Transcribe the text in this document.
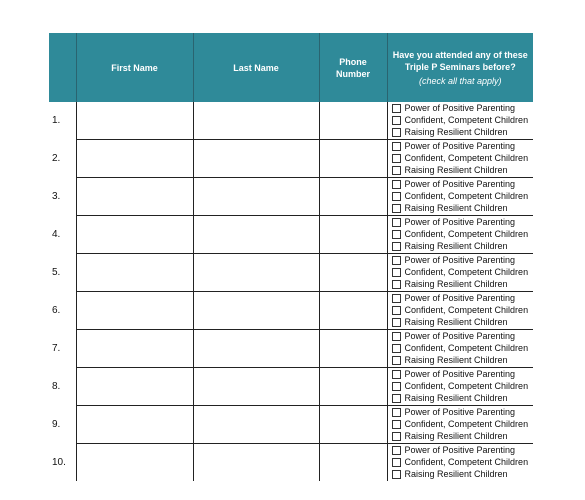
	First Name	Last Name	Phone
Number	Have you attended any of these
Triple P Seminars before?
(check all that apply)

1.				Power of Positive Parenting
Confident, Competent Children
Raising Resilient Children

2.				Power of Positive Parenting
Confident, Competent Children
Raising Resilient Children

3.				Power of Positive Parenting
Confident, Competent Children
Raising Resilient Children

4.				Power of Positive Parenting
Confident, Competent Children
Raising Resilient Children

5.				Power of Positive Parenting
Confident, Competent Children
Raising Resilient Children

6.				Power of Positive Parenting
Confident, Competent Children
Raising Resilient Children

7.				Power of Positive Parenting
Confident, Competent Children
Raising Resilient Children

8.				Power of Positive Parenting
Confident, Competent Children
Raising Resilient Children

9.				Power of Positive Parenting
Confident, Competent Children
Raising Resilient Children

10.				Power of Positive Parenting
Confident, Competent Children
Raising Resilient Children
